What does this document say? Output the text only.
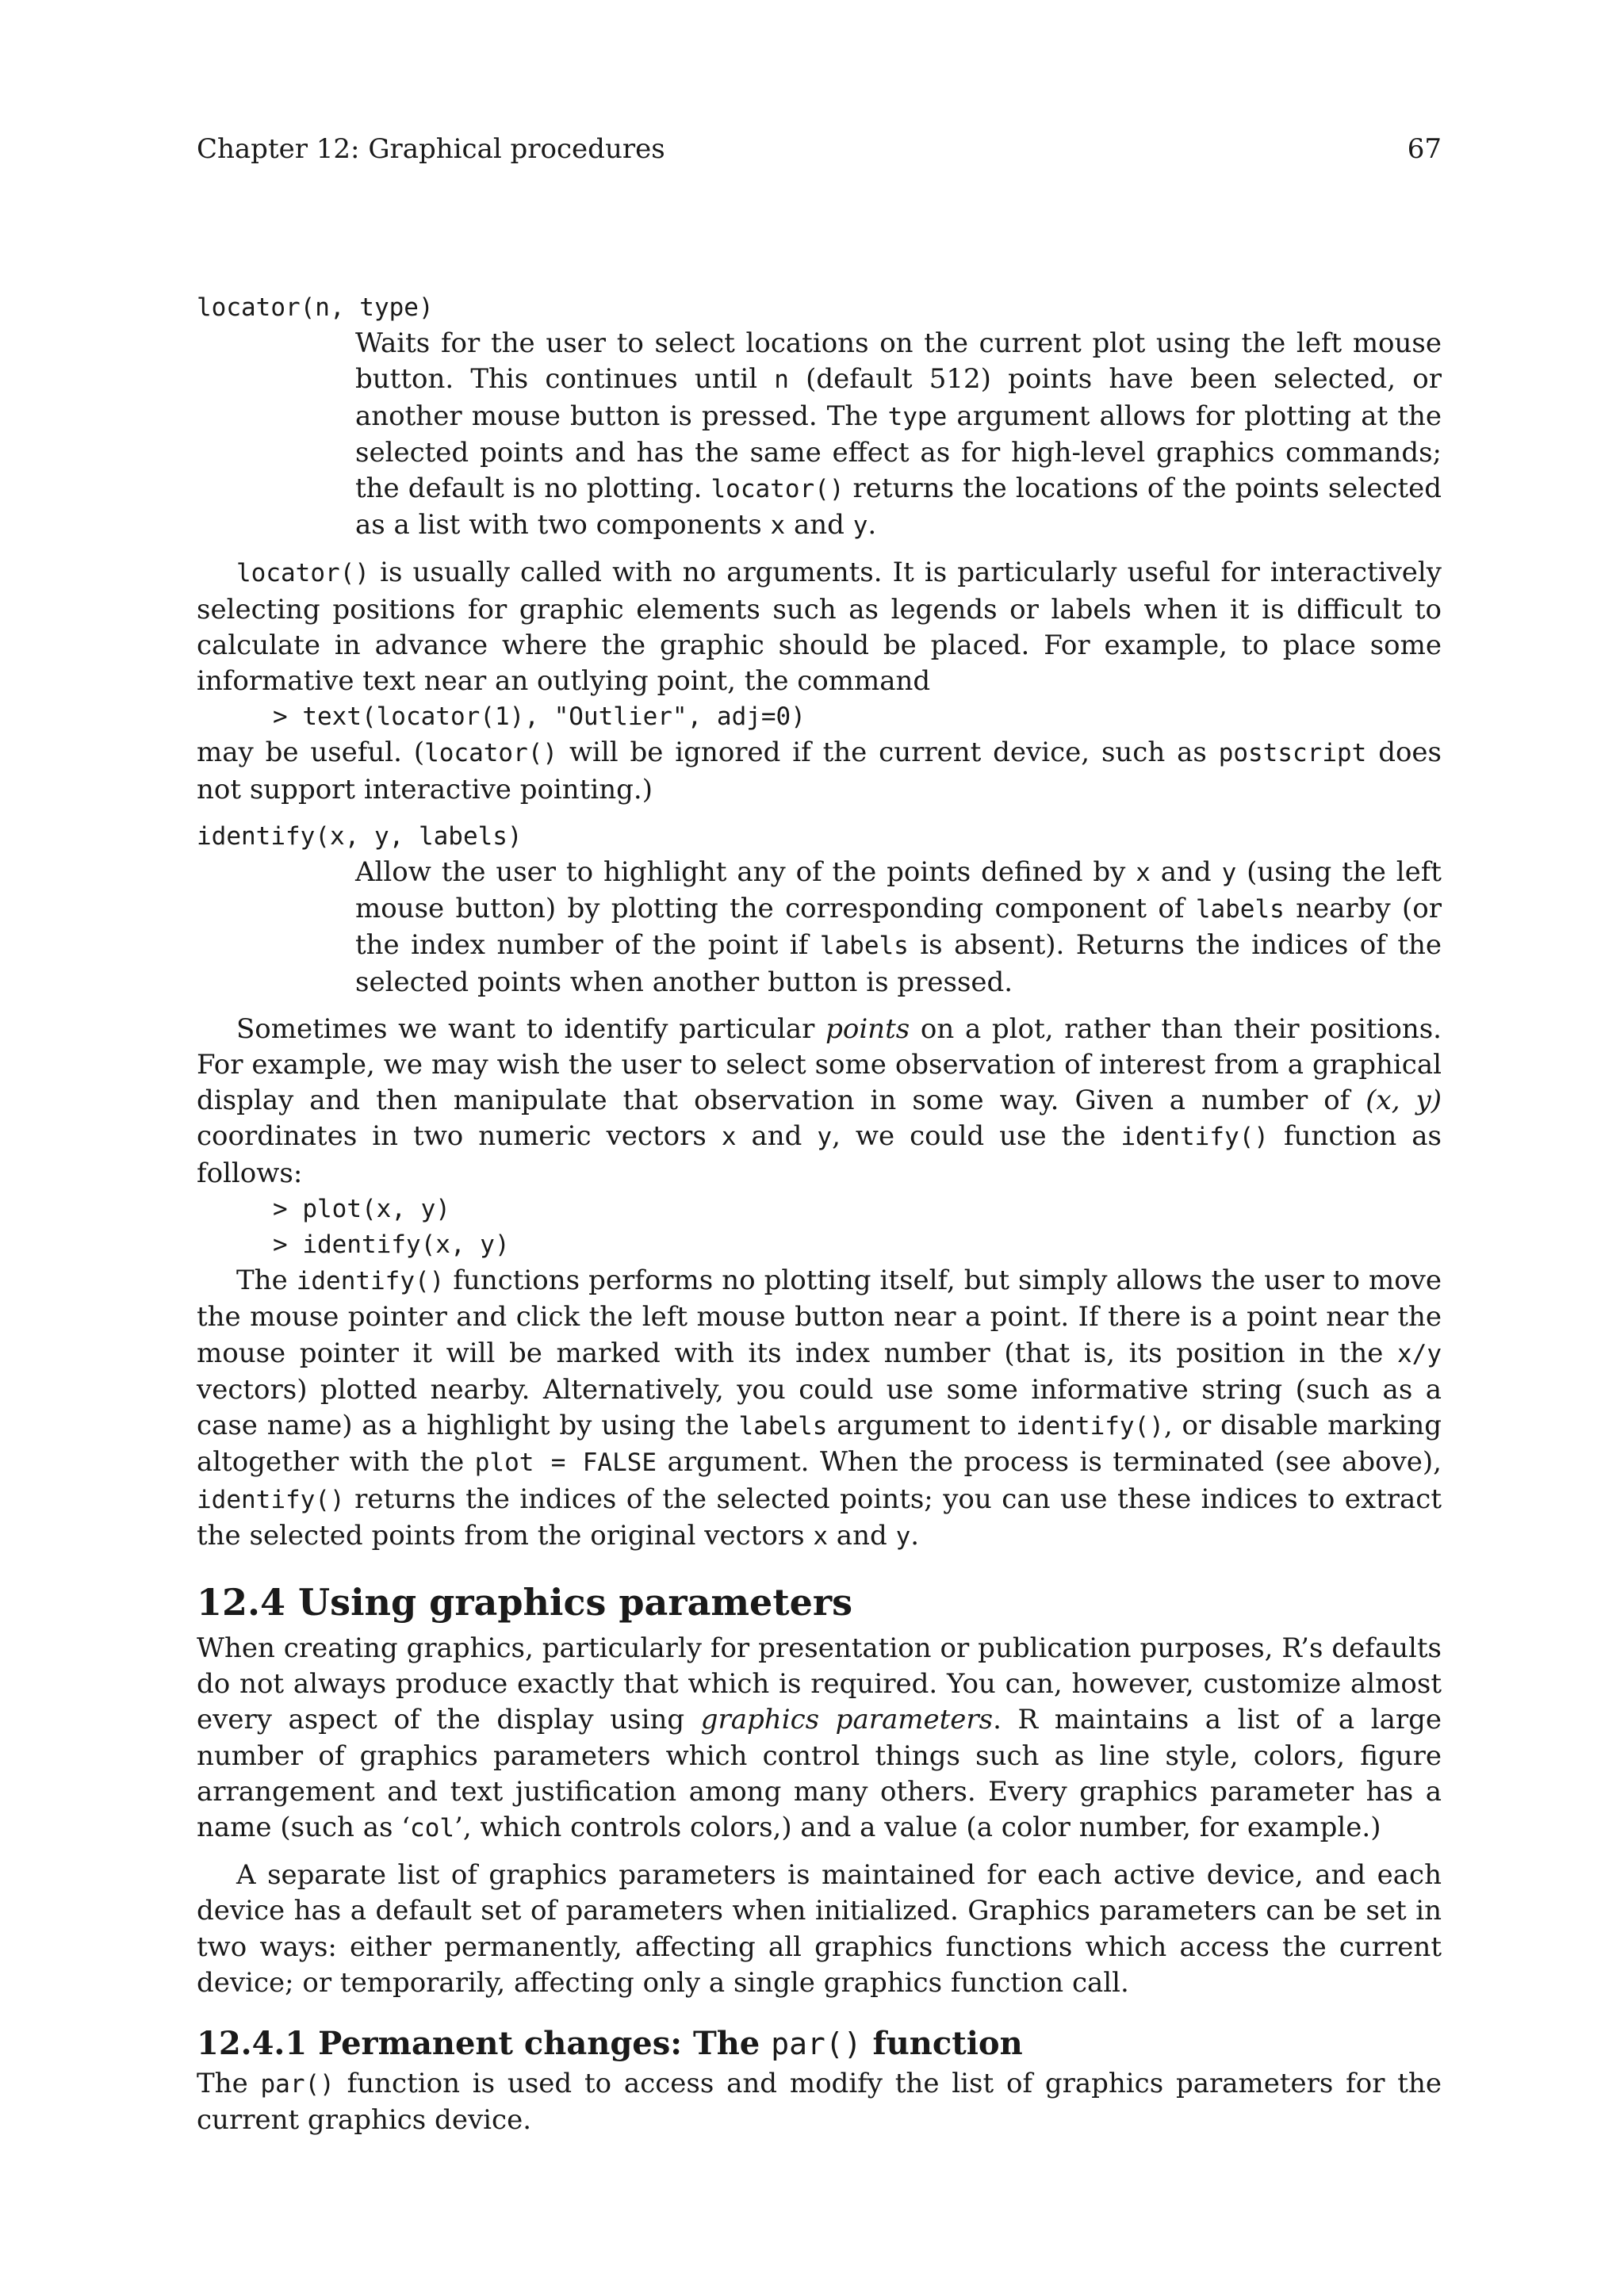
Chapter 12: Graphical procedures	67
locator(n, type)
Waits for the user to select locations on the current plot using the left mouse button. This continues until n (default 512) points have been selected, or another mouse button is pressed. The type argument allows for plotting at the selected points and has the same effect as for high-level graphics commands; the default is no plotting. locator() returns the locations of the points selected as a list with two components x and y.

locator() is usually called with no arguments. It is particularly useful for interactively selecting positions for graphic elements such as legends or labels when it is difficult to calculate in advance where the graphic should be placed. For example, to place some informative text near an outlying point, the command

> text(locator(1), "Outlier", adj=0)

may be useful. (locator() will be ignored if the current device, such as postscript does not support interactive pointing.)

identify(x, y, labels)
Allow the user to highlight any of the points defined by x and y (using the left mouse button) by plotting the corresponding component of labels nearby (or the index number of the point if labels is absent). Returns the indices of the selected points when another button is pressed.

Sometimes we want to identify particular points on a plot, rather than their positions. For example, we may wish the user to select some observation of interest from a graphical display and then manipulate that observation in some way. Given a number of (x, y) coordinates in two numeric vectors x and y, we could use the identify() function as follows:

> plot(x, y)
> identify(x, y)

The identify() functions performs no plotting itself, but simply allows the user to move the mouse pointer and click the left mouse button near a point. If there is a point near the mouse pointer it will be marked with its index number (that is, its position in the x/y vectors) plotted nearby. Alternatively, you could use some informative string (such as a case name) as a highlight by using the labels argument to identify(), or disable marking altogether with the plot = FALSE argument. When the process is terminated (see above), identify() returns the indices of the selected points; you can use these indices to extract the selected points from the original vectors x and y.

12.4 Using graphics parameters

When creating graphics, particularly for presentation or publication purposes, R’s defaults do not always produce exactly that which is required. You can, however, customize almost every aspect of the display using graphics parameters. R maintains a list of a large number of graphics parameters which control things such as line style, colors, figure arrangement and text justification among many others. Every graphics parameter has a name (such as ‘col’, which controls colors,) and a value (a color number, for example.)

A separate list of graphics parameters is maintained for each active device, and each device has a default set of parameters when initialized. Graphics parameters can be set in two ways: either permanently, affecting all graphics functions which access the current device; or temporarily, affecting only a single graphics function call.

12.4.1 Permanent changes: The par() function

The par() function is used to access and modify the list of graphics parameters for the current graphics device.
